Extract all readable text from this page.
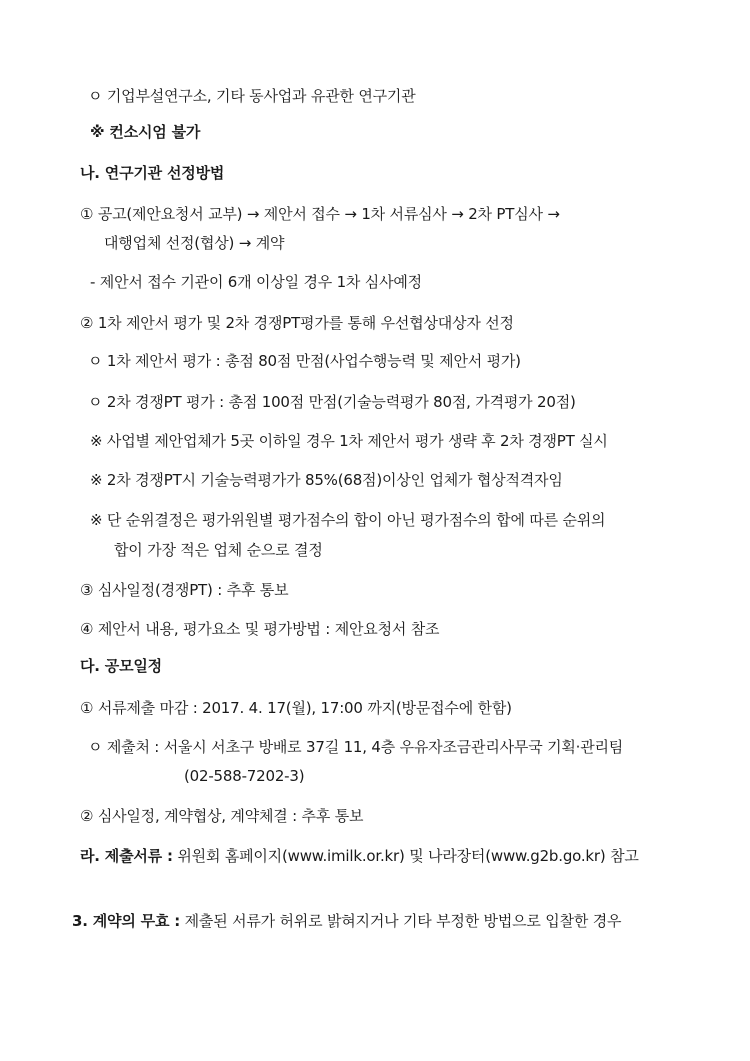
ㅇ 기업부설연구소, 기타 동사업과 유관한 연구기관
※ 컨소시엄 불가
나. 연구기관 선정방법
① 공고(제안요청서 교부) → 제안서 접수 → 1차 서류심사 → 2차 PT심사 →
대행업체 선정(협상) → 계약
- 제안서 접수 기관이 6개 이상일 경우 1차 심사예정
② 1차 제안서 평가 및 2차 경쟁PT평가를 통해 우선협상대상자 선정
ㅇ 1차 제안서 평가 : 총점 80점 만점(사업수행능력 및 제안서 평가)
ㅇ 2차 경쟁PT 평가 : 총점 100점 만점(기술능력평가 80점, 가격평가 20점)
※ 사업별 제안업체가 5곳 이하일 경우 1차 제안서 평가 생략 후 2차 경쟁PT 실시
※ 2차 경쟁PT시 기술능력평가가 85%(68점)이상인 업체가 협상적격자임
※ 단 순위결정은 평가위원별 평가점수의 합이 아닌 평가점수의 합에 따른 순위의
합이 가장 적은 업체 순으로 결정
③ 심사일정(경쟁PT) : 추후 통보
④ 제안서 내용, 평가요소 및 평가방법 : 제안요청서 참조
다. 공모일정
① 서류제출 마감 : 2017. 4. 17(월), 17:00 까지(방문접수에 한함)
ㅇ 제출처 : 서울시 서초구 방배로 37길 11, 4층 우유자조금관리사무국 기획·관리팀
(02-588-7202-3)
② 심사일정, 계약협상, 계약체결 : 추후 통보
라. 제출서류 : 위원회 홈페이지(www.imilk.or.kr) 및 나라장터(www.g2b.go.kr) 참고
3. 계약의 무효 : 제출된 서류가 허위로 밝혀지거나 기타 부정한 방법으로 입찰한 경우
